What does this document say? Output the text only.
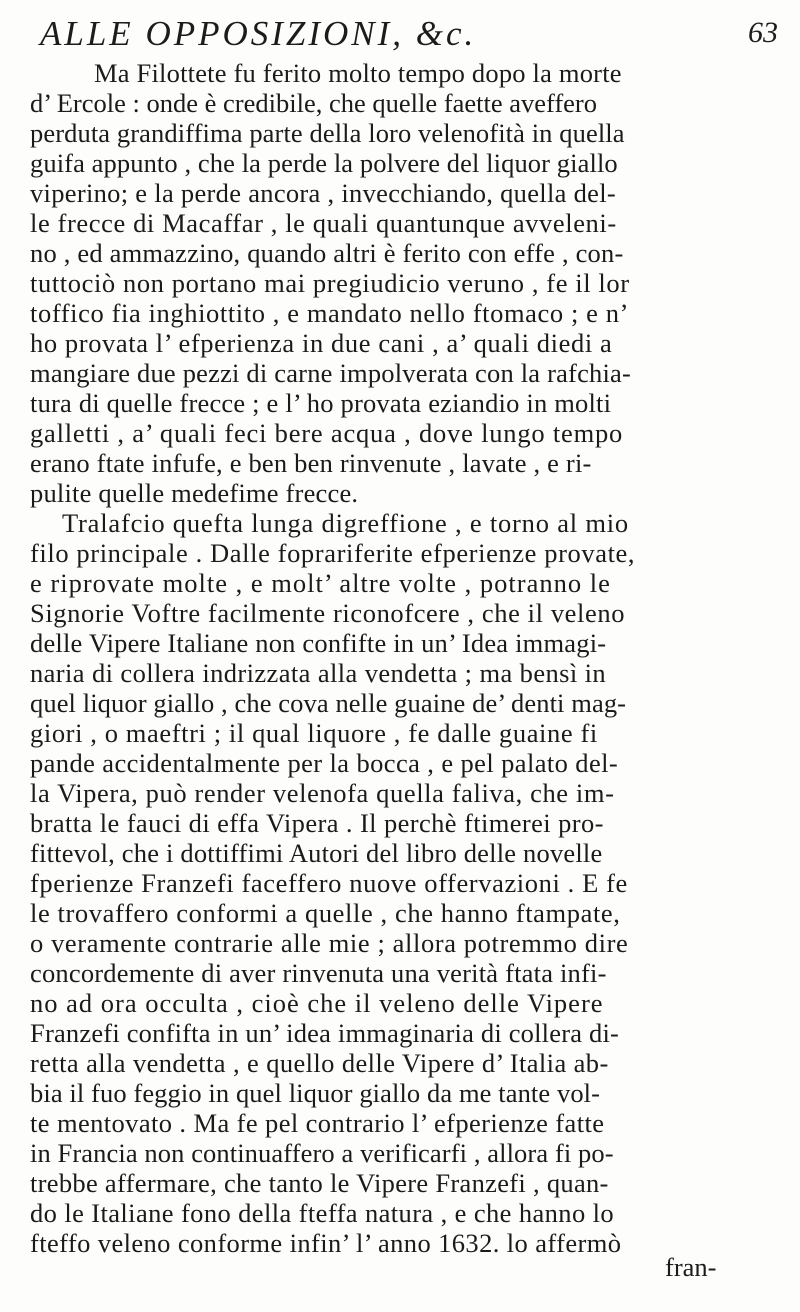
ALLE OPPOSIZIONI, &c.	63
Ma Filottete fu ferito molto tempo dopo la morte
d’ Ercole : onde è credibile, che quelle faette aveffero
perduta grandiffima parte della loro velenofità in quella
guifa appunto , che la perde la polvere del liquor giallo
viperino; e la perde ancora , invecchiando, quella del-
le frecce di Macaffar , le quali quantunque avveleni-
no , ed ammazzino, quando altri è ferito con effe , con-
tuttociò non portano mai pregiudicio veruno , fe il lor
toffico fia inghiottito , e mandato nello ftomaco ; e n’
ho provata l’ efperienza in due cani , a’ quali diedi a
mangiare due pezzi di carne impolverata con la rafchia-
tura di quelle frecce ; e l’ ho provata eziandio in molti
galletti , a’ quali feci bere acqua , dove lungo tempo
erano ftate infufe, e ben ben rinvenute , lavate , e ri-
pulite quelle medefime frecce.
Tralafcio quefta lunga digreffione , e torno al mio
filo principale . Dalle foprariferite efperienze provate,
e riprovate molte , e molt’ altre volte , potranno le
Signorie Voftre facilmente riconofcere , che il veleno
delle Vipere Italiane non confifte in un’ Idea immagi-
naria di collera indrizzata alla vendetta ; ma bensì in
quel liquor giallo , che cova nelle guaine de’ denti mag-
giori , o maeftri ; il qual liquore , fe dalle guaine fi
pande accidentalmente per la bocca , e pel palato del-
la Vipera, può render velenofa quella faliva, che im-
bratta le fauci di effa Vipera . Il perchè ftimerei pro-
fittevol, che i dottiffimi Autori del libro delle novelle
fperienze Franzefi faceffero nuove offervazioni . E fe
le trovaffero conformi a quelle , che hanno ftampate,
o veramente contrarie alle mie ; allora potremmo dire
concordemente di aver rinvenuta una verità ftata infi-
no ad ora occulta , cioè che il veleno delle Vipere
Franzefi confifta in un’ idea immaginaria di collera di-
retta alla vendetta , e quello delle Vipere d’ Italia ab-
bia il fuo feggio in quel liquor giallo da me tante vol-
te mentovato . Ma fe pel contrario l’ efperienze fatte
in Francia non continuaffero a verificarfi , allora fi po-
trebbe affermare, che tanto le Vipere Franzefi , quan-
do le Italiane fono della fteffa natura , e che hanno lo
fteffo veleno conforme infin’ l’ anno 1632. lo affermò
fran-
